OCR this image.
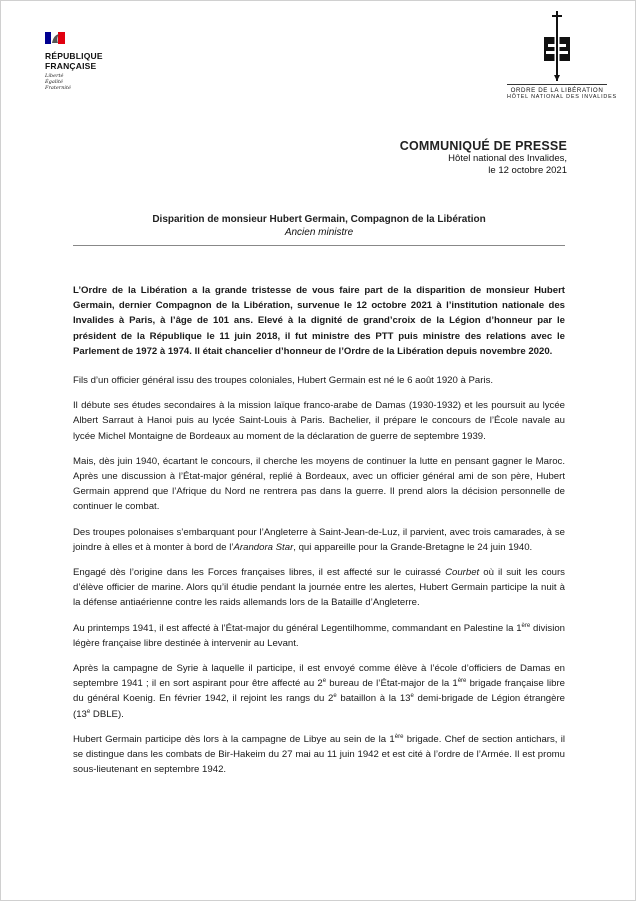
RÉPUBLIQUE
FRANÇAISE
Liberté
Égalité
Fraternité	ORDRE DE LA LIBÉRATION
HÔTEL NATIONAL DES INVALIDES
COMMUNIQUÉ DE PRESSE
Hôtel national des Invalides,
le 12 octobre 2021
Disparition de monsieur Hubert Germain, Compagnon de la Libération
Ancien ministre

L’Ordre de la Libération a la grande tristesse de vous faire part de la disparition de monsieur Hubert Germain, dernier Compagnon de la Libération, survenue le 12 octobre 2021 à l’institution nationale des Invalides à Paris, à l’âge de 101 ans. Elevé à la dignité de grand’croix de la Légion d’honneur par le président de la République le 11 juin 2018, il fut ministre des PTT puis ministre des relations avec le Parlement de 1972 à 1974. Il était chancelier d’honneur de l’Ordre de la Libération depuis novembre 2020.

Fils d’un officier général issu des troupes coloniales, Hubert Germain est né le 6 août 1920 à Paris.

Il débute ses études secondaires à la mission laïque franco-arabe de Damas (1930-1932) et les poursuit au lycée Albert Sarraut à Hanoi puis au lycée Saint-Louis à Paris. Bachelier, il prépare le concours de l’École navale au lycée Michel Montaigne de Bordeaux au moment de la déclaration de guerre de septembre 1939.

Mais, dès juin 1940, écartant le concours, il cherche les moyens de continuer la lutte en pensant gagner le Maroc. Après une discussion à l’État-major général, replié à Bordeaux, avec un officier général ami de son père, Hubert Germain apprend que l’Afrique du Nord ne rentrera pas dans la guerre. Il prend alors la décision personnelle de continuer le combat.

Des troupes polonaises s’embarquant pour l’Angleterre à Saint-Jean-de-Luz, il parvient, avec trois camarades, à se joindre à elles et à monter à bord de l’Arandora Star, qui appareille pour la Grande-Bretagne le 24 juin 1940.

Engagé dès l’origine dans les Forces françaises libres, il est affecté sur le cuirassé Courbet où il suit les cours d’élève officier de marine. Alors qu’il étudie pendant la journée entre les alertes, Hubert Germain participe la nuit à la défense antiaérienne contre les raids allemands lors de la Bataille d’Angleterre.

Au printemps 1941, il est affecté à l’État-major du général Legentilhomme, commandant en Palestine la 1ère division légère française libre destinée à intervenir au Levant.

Après la campagne de Syrie à laquelle il participe, il est envoyé comme élève à l’école d’officiers de Damas en septembre 1941 ; il en sort aspirant pour être affecté au 2e bureau de l’État-major de la 1ère brigade française libre du général Koenig. En février 1942, il rejoint les rangs du 2e bataillon à la 13e demi-brigade de Légion étrangère (13e DBLE).

Hubert Germain participe dès lors à la campagne de Libye au sein de la 1ère brigade. Chef de section antichars, il se distingue dans les combats de Bir-Hakeim du 27 mai au 11 juin 1942 et est cité à l’ordre de l’Armée. Il est promu sous-lieutenant en septembre 1942.
